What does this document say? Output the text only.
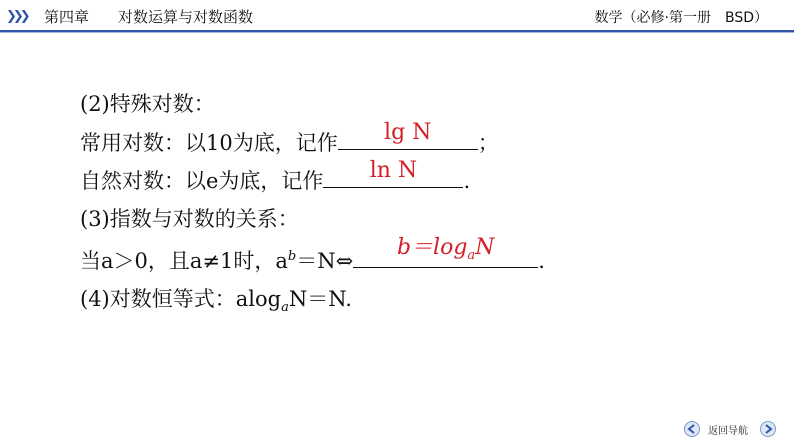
❯❯❯ 第四章 对数运算与对数函数	数学（必修·第一册　BSD）
(2)特殊对数：
常用对数：以10为底，记作	lg N	；
自然对数：以e为底，记作	ln N	.
(3)指数与对数的关系：
当a＞0，且a≠1时，$a^b=N\Leftrightarrow$
$b=\log_aN$
.
(4)对数恒等式：alog$_a$N＝N.
返回导航
